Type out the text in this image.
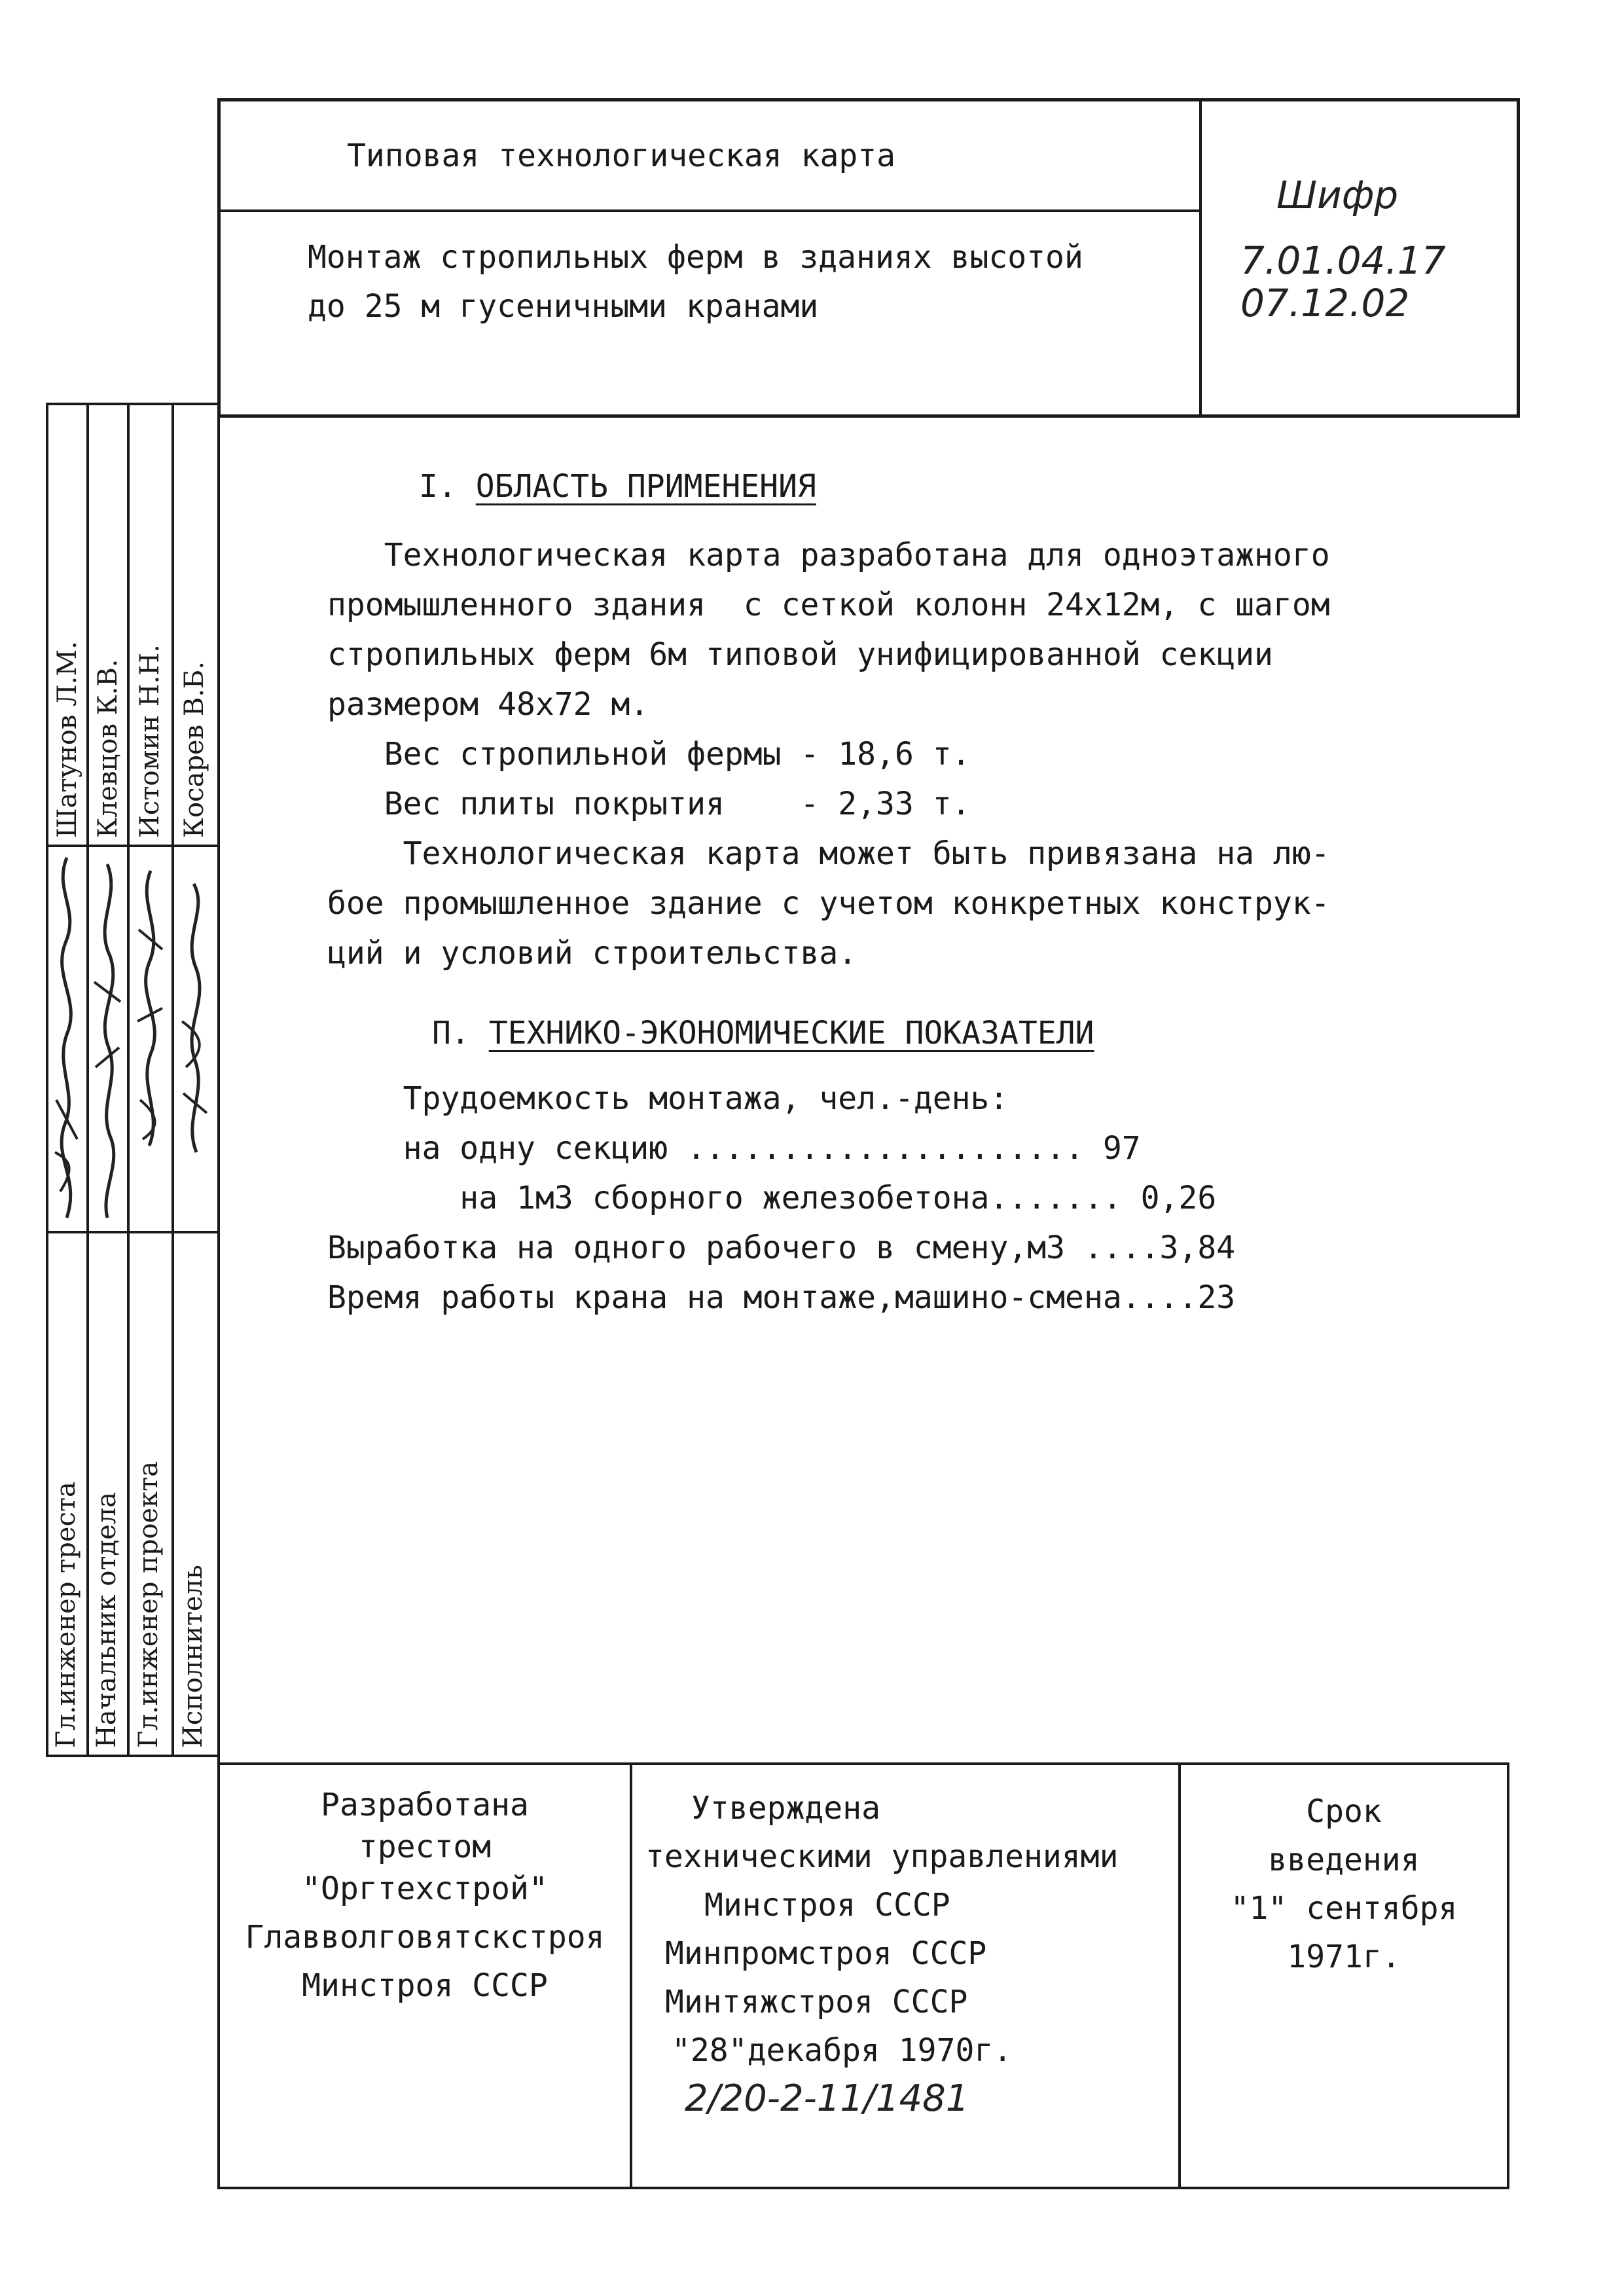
Типовая технологическая карта
Монтаж стропильных ферм в зданиях высотой
до 25 м гусеничными кранами
Шифр
7.01.04.17
07.12.02
Шатунов Л.М. Клевцов К.В. Истомин Н.Н. Косарев В.Б.
Гл.инженер треста Начальник отдела Гл.инженер проекта Исполнитель
I. ОБЛАСТЬ ПРИМЕНЕНИЯ
Технологическая карта разработана для одноэтажного
промышленного здания  с сеткой колонн 24x12м, с шагом
стропильных ферм 6м типовой унифицированной секции
размером 48x72 м.
Вес стропильной фермы - 18,6 т.
Вес плиты покрытия    - 2,33 т.
Технологическая карта может быть привязана на лю-
бое промышленное здание с учетом конкретных конструк-
ций и условий строительства.
П. ТЕХНИКО-ЭКОНОМИЧЕСКИЕ ПОКАЗАТЕЛИ
Трудоемкость монтажа, чел.-день:
на одну секцию ..................... 97
на 1м3 сборного железобетона....... 0,26
Выработка на одного рабочего в смену,м3 ....3,84
Время работы крана на монтаже,машино-смена....23
Разработана
трестом
"Оргтехстрой"
Главволговятскстроя
Минстроя СССР
Утверждена
техническими управлениями
Минстроя СССР
Минпромстроя СССР
Минтяжстроя СССР
"28"декабря 1970г.
2/20-2-11/1481
Срок
введения
"1" сентября
1971г.
